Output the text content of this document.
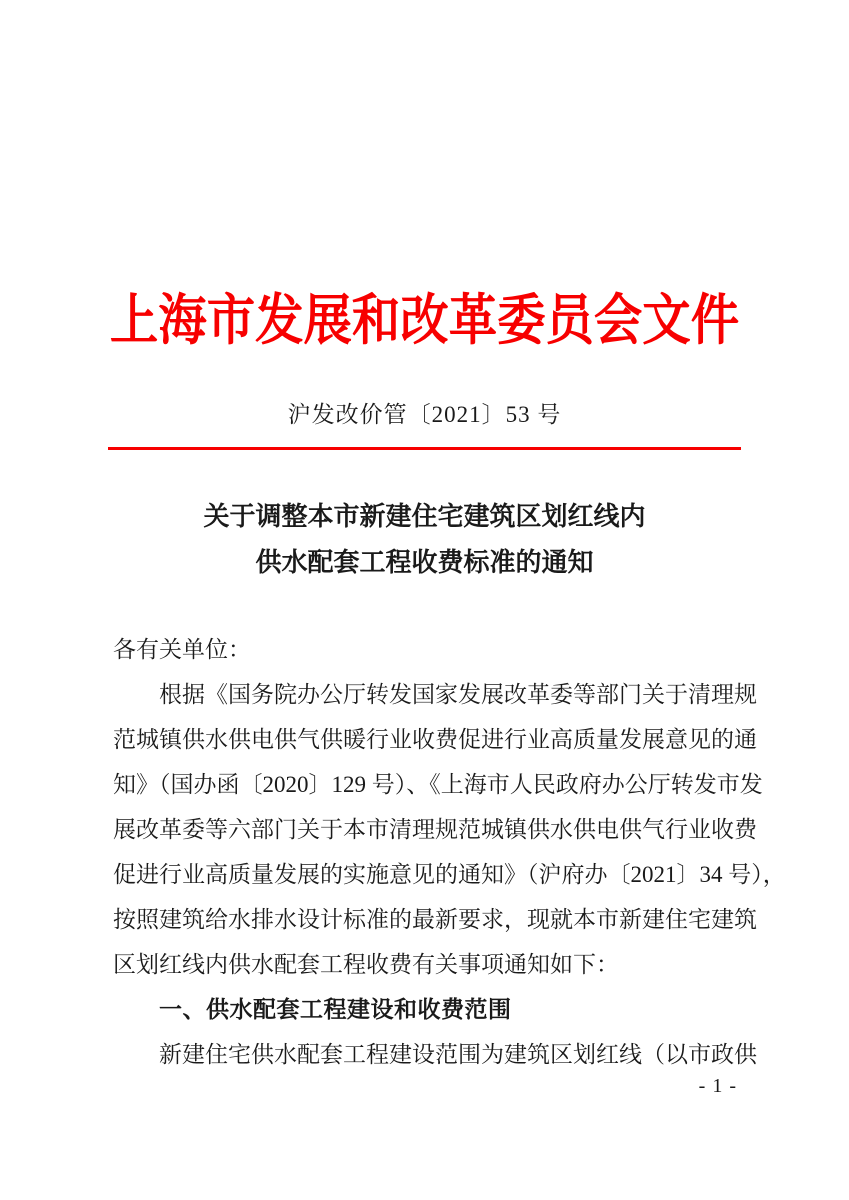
上海市发展和改革委员会文件
沪发改价管〔2021〕53 号
关于调整本市新建住宅建筑区划红线内
供水配套工程收费标准的通知
各有关单位：
根据《国务院办公厅转发国家发展改革委等部门关于清理规
范城镇供水供电供气供暖行业收费促进行业高质量发展意见的通
知》（国办函〔2020〕129 号）、《上海市人民政府办公厅转发市发
展改革委等六部门关于本市清理规范城镇供水供电供气行业收费
促进行业高质量发展的实施意见的通知》（沪府办〔2021〕34 号），
按照建筑给水排水设计标准的最新要求，现就本市新建住宅建筑
区划红线内供水配套工程收费有关事项通知如下：
一、供水配套工程建设和收费范围
新建住宅供水配套工程建设范围为建筑区划红线（以市政供
- 1 -
